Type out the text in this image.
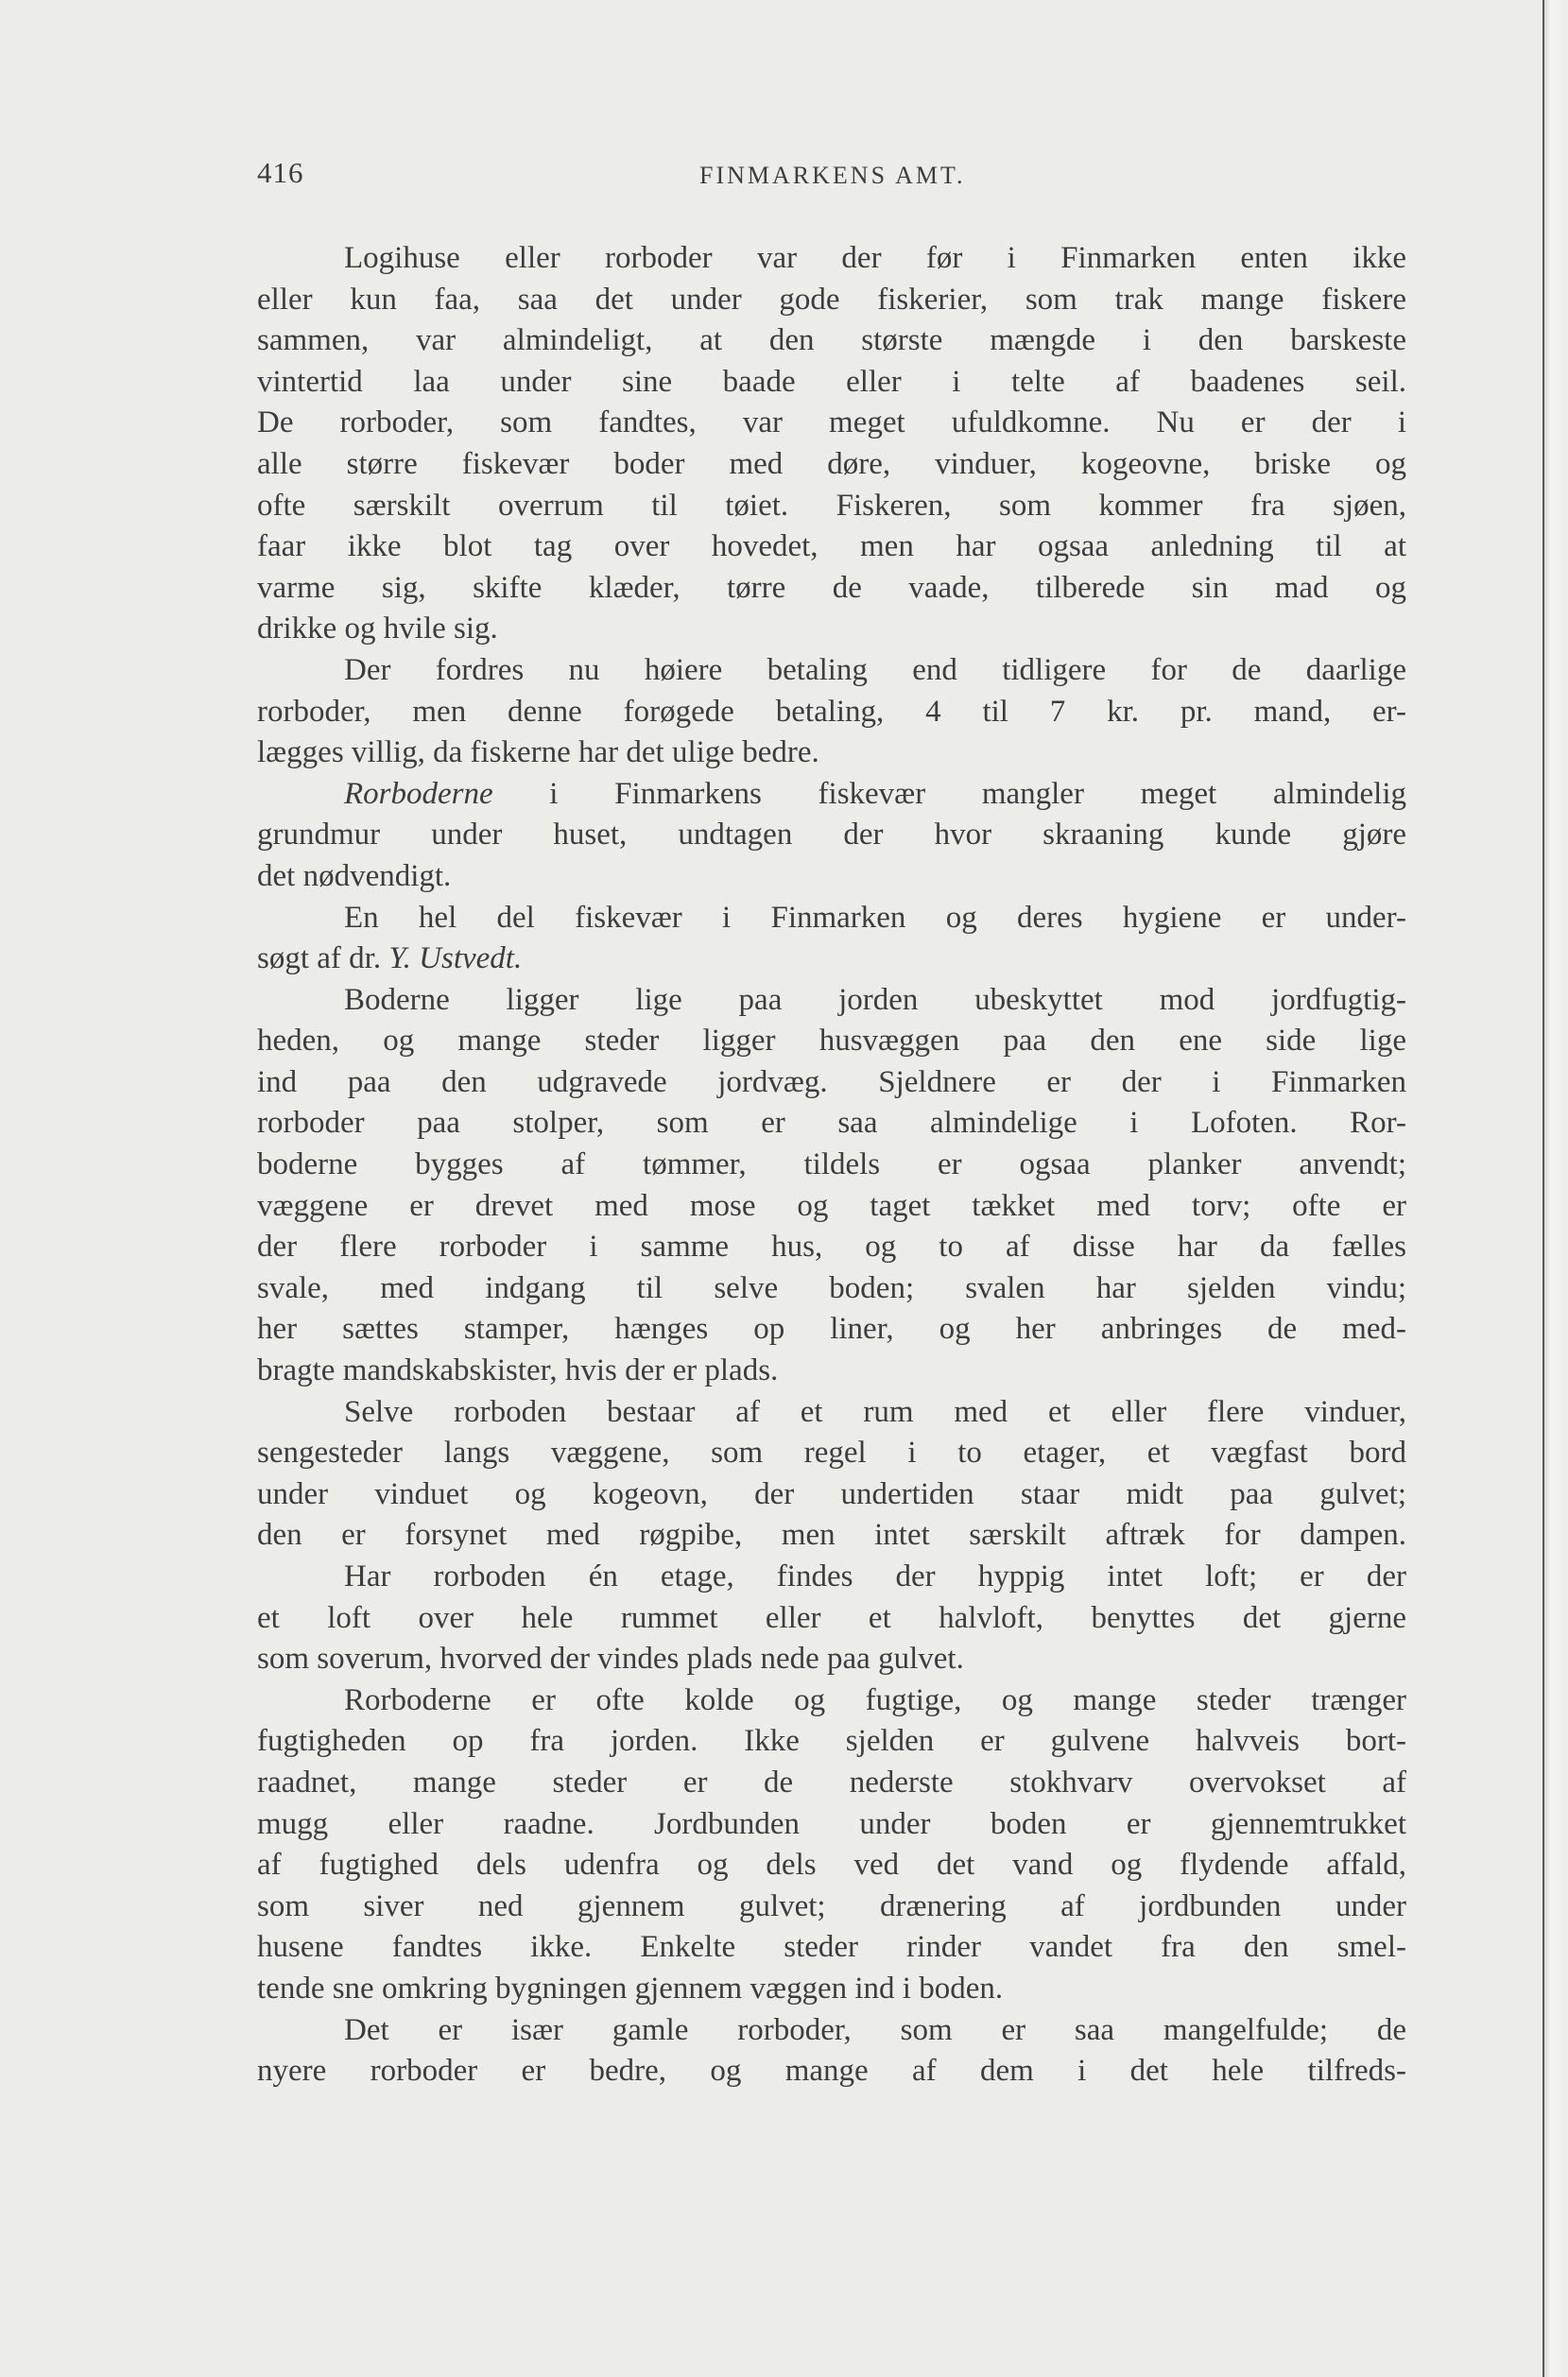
416	FINMARKENS AMT.
Logihuse eller rorboder var der før i Finmarken enten ikke
eller kun faa, saa det under gode fiskerier, som trak mange fiskere
sammen, var almindeligt, at den største mængde i den barskeste
vintertid laa under sine baade eller i telte af baadenes seil.
De rorboder, som fandtes, var meget ufuldkomne. Nu er der i
alle større fiskevær boder med døre, vinduer, kogeovne, briske og
ofte særskilt overrum til tøiet. Fiskeren, som kommer fra sjøen,
faar ikke blot tag over hovedet, men har ogsaa anledning til at
varme sig, skifte klæder, tørre de vaade, tilberede sin mad og
drikke og hvile sig.
Der fordres nu høiere betaling end tidligere for de daarlige
rorboder, men denne forøgede betaling, 4 til 7 kr. pr. mand, er-
lægges villig, da fiskerne har det ulige bedre.
Rorboderne i Finmarkens fiskevær mangler meget almindelig
grundmur under huset, undtagen der hvor skraaning kunde gjøre
det nødvendigt.
En hel del fiskevær i Finmarken og deres hygiene er under-
søgt af dr. Y. Ustvedt.
Boderne ligger lige paa jorden ubeskyttet mod jordfugtig-
heden, og mange steder ligger husvæggen paa den ene side lige
ind paa den udgravede jordvæg. Sjeldnere er der i Finmarken
rorboder paa stolper, som er saa almindelige i Lofoten. Ror-
boderne bygges af tømmer, tildels er ogsaa planker anvendt;
væggene er drevet med mose og taget tækket med torv; ofte er
der flere rorboder i samme hus, og to af disse har da fælles
svale, med indgang til selve boden; svalen har sjelden vindu;
her sættes stamper, hænges op liner, og her anbringes de med-
bragte mandskabskister, hvis der er plads.
Selve rorboden bestaar af et rum med et eller flere vinduer,
sengesteder langs væggene, som regel i to etager, et vægfast bord
under vinduet og kogeovn, der undertiden staar midt paa gulvet;
den er forsynet med røgpibe, men intet særskilt aftræk for dampen.
Har rorboden én etage, findes der hyppig intet loft; er der
et loft over hele rummet eller et halvloft, benyttes det gjerne
som soverum, hvorved der vindes plads nede paa gulvet.
Rorboderne er ofte kolde og fugtige, og mange steder trænger
fugtigheden op fra jorden. Ikke sjelden er gulvene halvveis bort-
raadnet, mange steder er de nederste stokhvarv overvokset af
mugg eller raadne. Jordbunden under boden er gjennemtrukket
af fugtighed dels udenfra og dels ved det vand og flydende affald,
som siver ned gjennem gulvet; drænering af jordbunden under
husene fandtes ikke. Enkelte steder rinder vandet fra den smel-
tende sne omkring bygningen gjennem væggen ind i boden.
Det er især gamle rorboder, som er saa mangelfulde; de
nyere rorboder er bedre, og mange af dem i det hele tilfreds-
